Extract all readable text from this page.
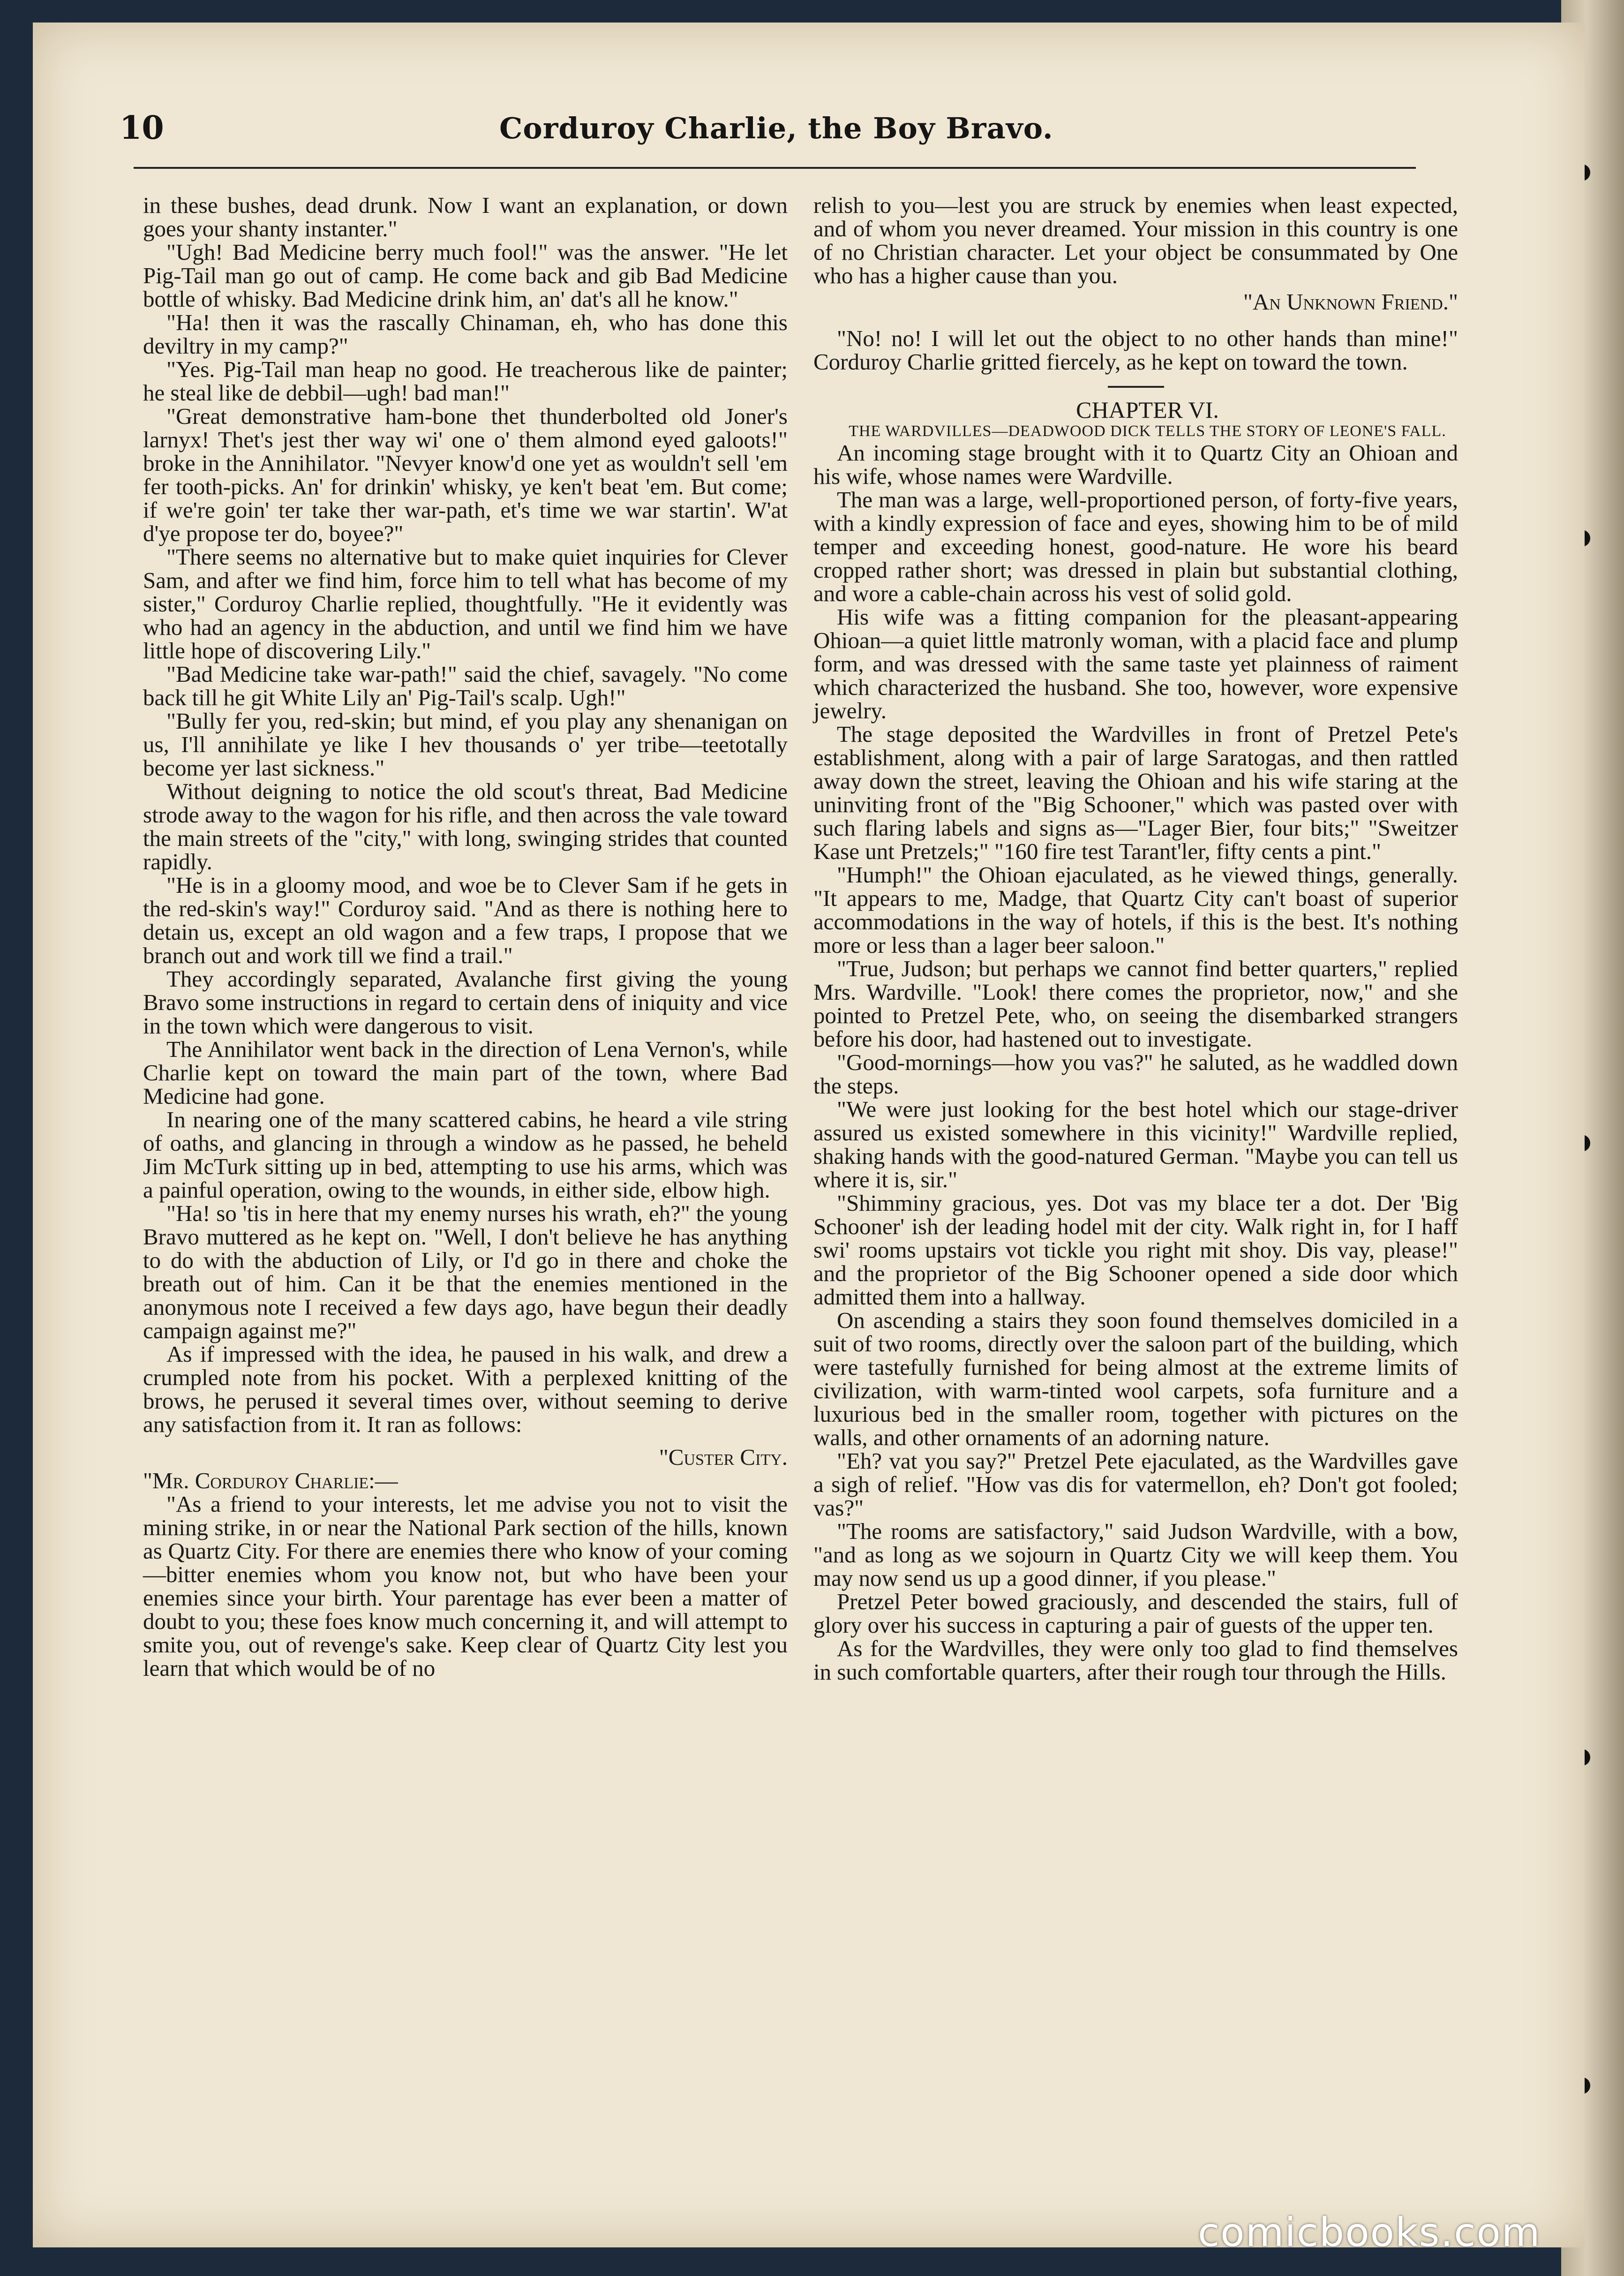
10	Corduroy Charlie, the Boy Bravo.

in these bushes, dead drunk. Now I want an explanation, or down goes your shanty instanter."

"Ugh! Bad Medicine berry much fool!" was the answer. "He let Pig-Tail man go out of camp. He come back and gib Bad Medicine bottle of whisky. Bad Medicine drink him, an' dat's all he know."

"Ha! then it was the rascally Chinaman, eh, who has done this deviltry in my camp?"

"Yes. Pig-Tail man heap no good. He treacherous like de painter; he steal like de debbil—ugh! bad man!"

"Great demonstrative ham-bone thet thunderbolted old Joner's larnyx! Thet's jest ther way wi' one o' them almond eyed galoots!" broke in the Annihilator. "Nevyer know'd one yet as wouldn't sell 'em fer tooth-picks. An' for drinkin' whisky, ye ken't beat 'em. But come; if we're goin' ter take ther war-path, et's time we war startin'. W'at d'ye propose ter do, boyee?"

"There seems no alternative but to make quiet inquiries for Clever Sam, and after we find him, force him to tell what has become of my sister," Corduroy Charlie replied, thoughtfully. "He it evidently was who had an agency in the abduction, and until we find him we have little hope of discovering Lily."

"Bad Medicine take war-path!" said the chief, savagely. "No come back till he git White Lily an' Pig-Tail's scalp. Ugh!"

"Bully fer you, red-skin; but mind, ef you play any shenanigan on us, I'll annihilate ye like I hev thousands o' yer tribe—teetotally become yer last sickness."

Without deigning to notice the old scout's threat, Bad Medicine strode away to the wagon for his rifle, and then across the vale toward the main streets of the "city," with long, swinging strides that counted rapidly.

"He is in a gloomy mood, and woe be to Clever Sam if he gets in the red-skin's way!" Corduroy said. "And as there is nothing here to detain us, except an old wagon and a few traps, I propose that we branch out and work till we find a trail."

They accordingly separated, Avalanche first giving the young Bravo some instructions in regard to certain dens of iniquity and vice in the town which were dangerous to visit.

The Annihilator went back in the direction of Lena Vernon's, while Charlie kept on toward the main part of the town, where Bad Medicine had gone.

In nearing one of the many scattered cabins, he heard a vile string of oaths, and glancing in through a window as he passed, he beheld Jim McTurk sitting up in bed, attempting to use his arms, which was a painful operation, owing to the wounds, in either side, elbow high.

"Ha! so 'tis in here that my enemy nurses his wrath, eh?" the young Bravo muttered as he kept on. "Well, I don't believe he has anything to do with the abduction of Lily, or I'd go in there and choke the breath out of him. Can it be that the enemies mentioned in the anonymous note I received a few days ago, have begun their deadly campaign against me?"

As if impressed with the idea, he paused in his walk, and drew a crumpled note from his pocket. With a perplexed knitting of the brows, he perused it several times over, without seeming to derive any satisfaction from it. It ran as follows:

"Custer City.

"Mr. Corduroy Charlie:—

"As a friend to your interests, let me advise you not to visit the mining strike, in or near the National Park section of the hills, known as Quartz City. For there are enemies there who know of your coming—bitter enemies whom you know not, but who have been your enemies since your birth. Your parentage has ever been a matter of doubt to you; these foes know much concerning it, and will attempt to smite you, out of revenge's sake. Keep clear of Quartz City lest you learn that which would be of no

relish to you—lest you are struck by enemies when least expected, and of whom you never dreamed. Your mission in this country is one of no Christian character. Let your object be consummated by One who has a higher cause than you.

"An Unknown Friend."

"No! no! I will let out the object to no other hands than mine!" Corduroy Charlie gritted fiercely, as he kept on toward the town.

CHAPTER VI.

THE WARDVILLES—DEADWOOD DICK TELLS THE STORY OF LEONE'S FALL.

An incoming stage brought with it to Quartz City an Ohioan and his wife, whose names were Wardville.

The man was a large, well-proportioned person, of forty-five years, with a kindly expression of face and eyes, showing him to be of mild temper and exceeding honest, good-nature. He wore his beard cropped rather short; was dressed in plain but substantial clothing, and wore a cable-chain across his vest of solid gold.

His wife was a fitting companion for the pleasant-appearing Ohioan—a quiet little matronly woman, with a placid face and plump form, and was dressed with the same taste yet plainness of raiment which characterized the husband. She too, however, wore expensive jewelry.

The stage deposited the Wardvilles in front of Pretzel Pete's establishment, along with a pair of large Saratogas, and then rattled away down the street, leaving the Ohioan and his wife staring at the uninviting front of the "Big Schooner," which was pasted over with such flaring labels and signs as—"Lager Bier, four bits;" "Sweitzer Kase unt Pretzels;" "160 fire test Tarant'ler, fifty cents a pint."

"Humph!" the Ohioan ejaculated, as he viewed things, generally. "It appears to me, Madge, that Quartz City can't boast of superior accommodations in the way of hotels, if this is the best. It's nothing more or less than a lager beer saloon."

"True, Judson; but perhaps we cannot find better quarters," replied Mrs. Wardville. "Look! there comes the proprietor, now," and she pointed to Pretzel Pete, who, on seeing the disembarked strangers before his door, had hastened out to investigate.

"Good-mornings—how you vas?" he saluted, as he waddled down the steps.

"We were just looking for the best hotel which our stage-driver assured us existed somewhere in this vicinity!" Wardville replied, shaking hands with the good-natured German. "Maybe you can tell us where it is, sir."

"Shimminy gracious, yes. Dot vas my blace ter a dot. Der 'Big Schooner' ish der leading hodel mit der city. Walk right in, for I haff swi' rooms upstairs vot tickle you right mit shoy. Dis vay, please!" and the proprietor of the Big Schooner opened a side door which admitted them into a hallway.

On ascending a stairs they soon found themselves domiciled in a suit of two rooms, directly over the saloon part of the building, which were tastefully furnished for being almost at the extreme limits of civilization, with warm-tinted wool carpets, sofa furniture and a luxurious bed in the smaller room, together with pictures on the walls, and other ornaments of an adorning nature.

"Eh? vat you say?" Pretzel Pete ejaculated, as the Wardvilles gave a sigh of relief. "How vas dis for vatermellon, eh? Don't got fooled; vas?"

"The rooms are satisfactory," said Judson Wardville, with a bow, "and as long as we sojourn in Quartz City we will keep them. You may now send us up a good dinner, if you please."

Pretzel Peter bowed graciously, and descended the stairs, full of glory over his success in capturing a pair of guests of the upper ten.

As for the Wardvilles, they were only too glad to find themselves in such comfortable quarters, after their rough tour through the Hills.

comicbooks.com
